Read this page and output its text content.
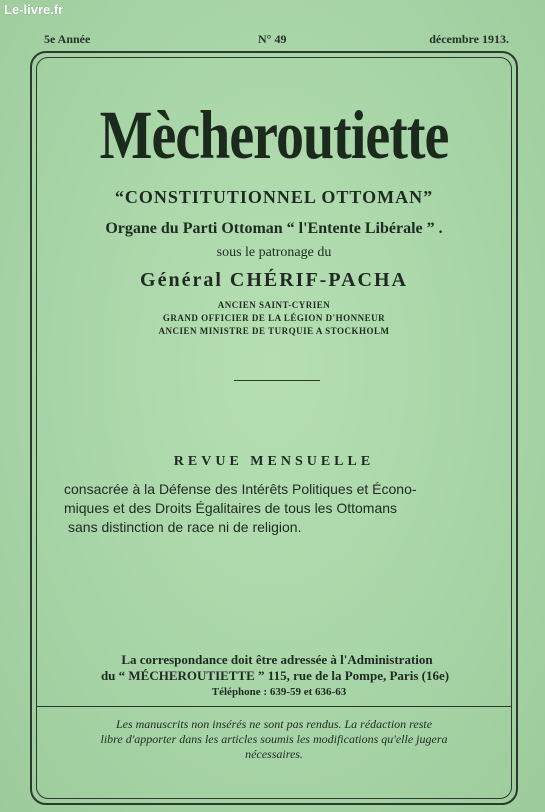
Le-livre.fr
5e Année	N° 49	décembre 1913.
Mècheroutiette
“CONSTITUTIONNEL OTTOMAN”
Organe du Parti Ottoman “ l'Entente Libérale ” .
sous le patronage du
Général CHÉRIF-PACHA
ANCIEN SAINT-CYRIEN
GRAND OFFICIER DE LA LÉGION D'HONNEUR
ANCIEN MINISTRE DE TURQUIE A STOCKHOLM
REVUE MENSUELLE
consacrée à la Défense des Intérêts Politiques et Écono-
miques et des Droits Égalitaires de tous les Ottomans
sans distinction de race ni de religion.
La correspondance doit être adressée à l'Administration
du “ MÉCHEROUTIETTE ” 115, rue de la Pompe, Paris (16e)
Téléphone : 639-59 et 636-63
Les manuscrits non insérés ne sont pas rendus. La rédaction reste
libre d'apporter dans les articles soumis les modifications qu'elle jugera
nécessaires.
